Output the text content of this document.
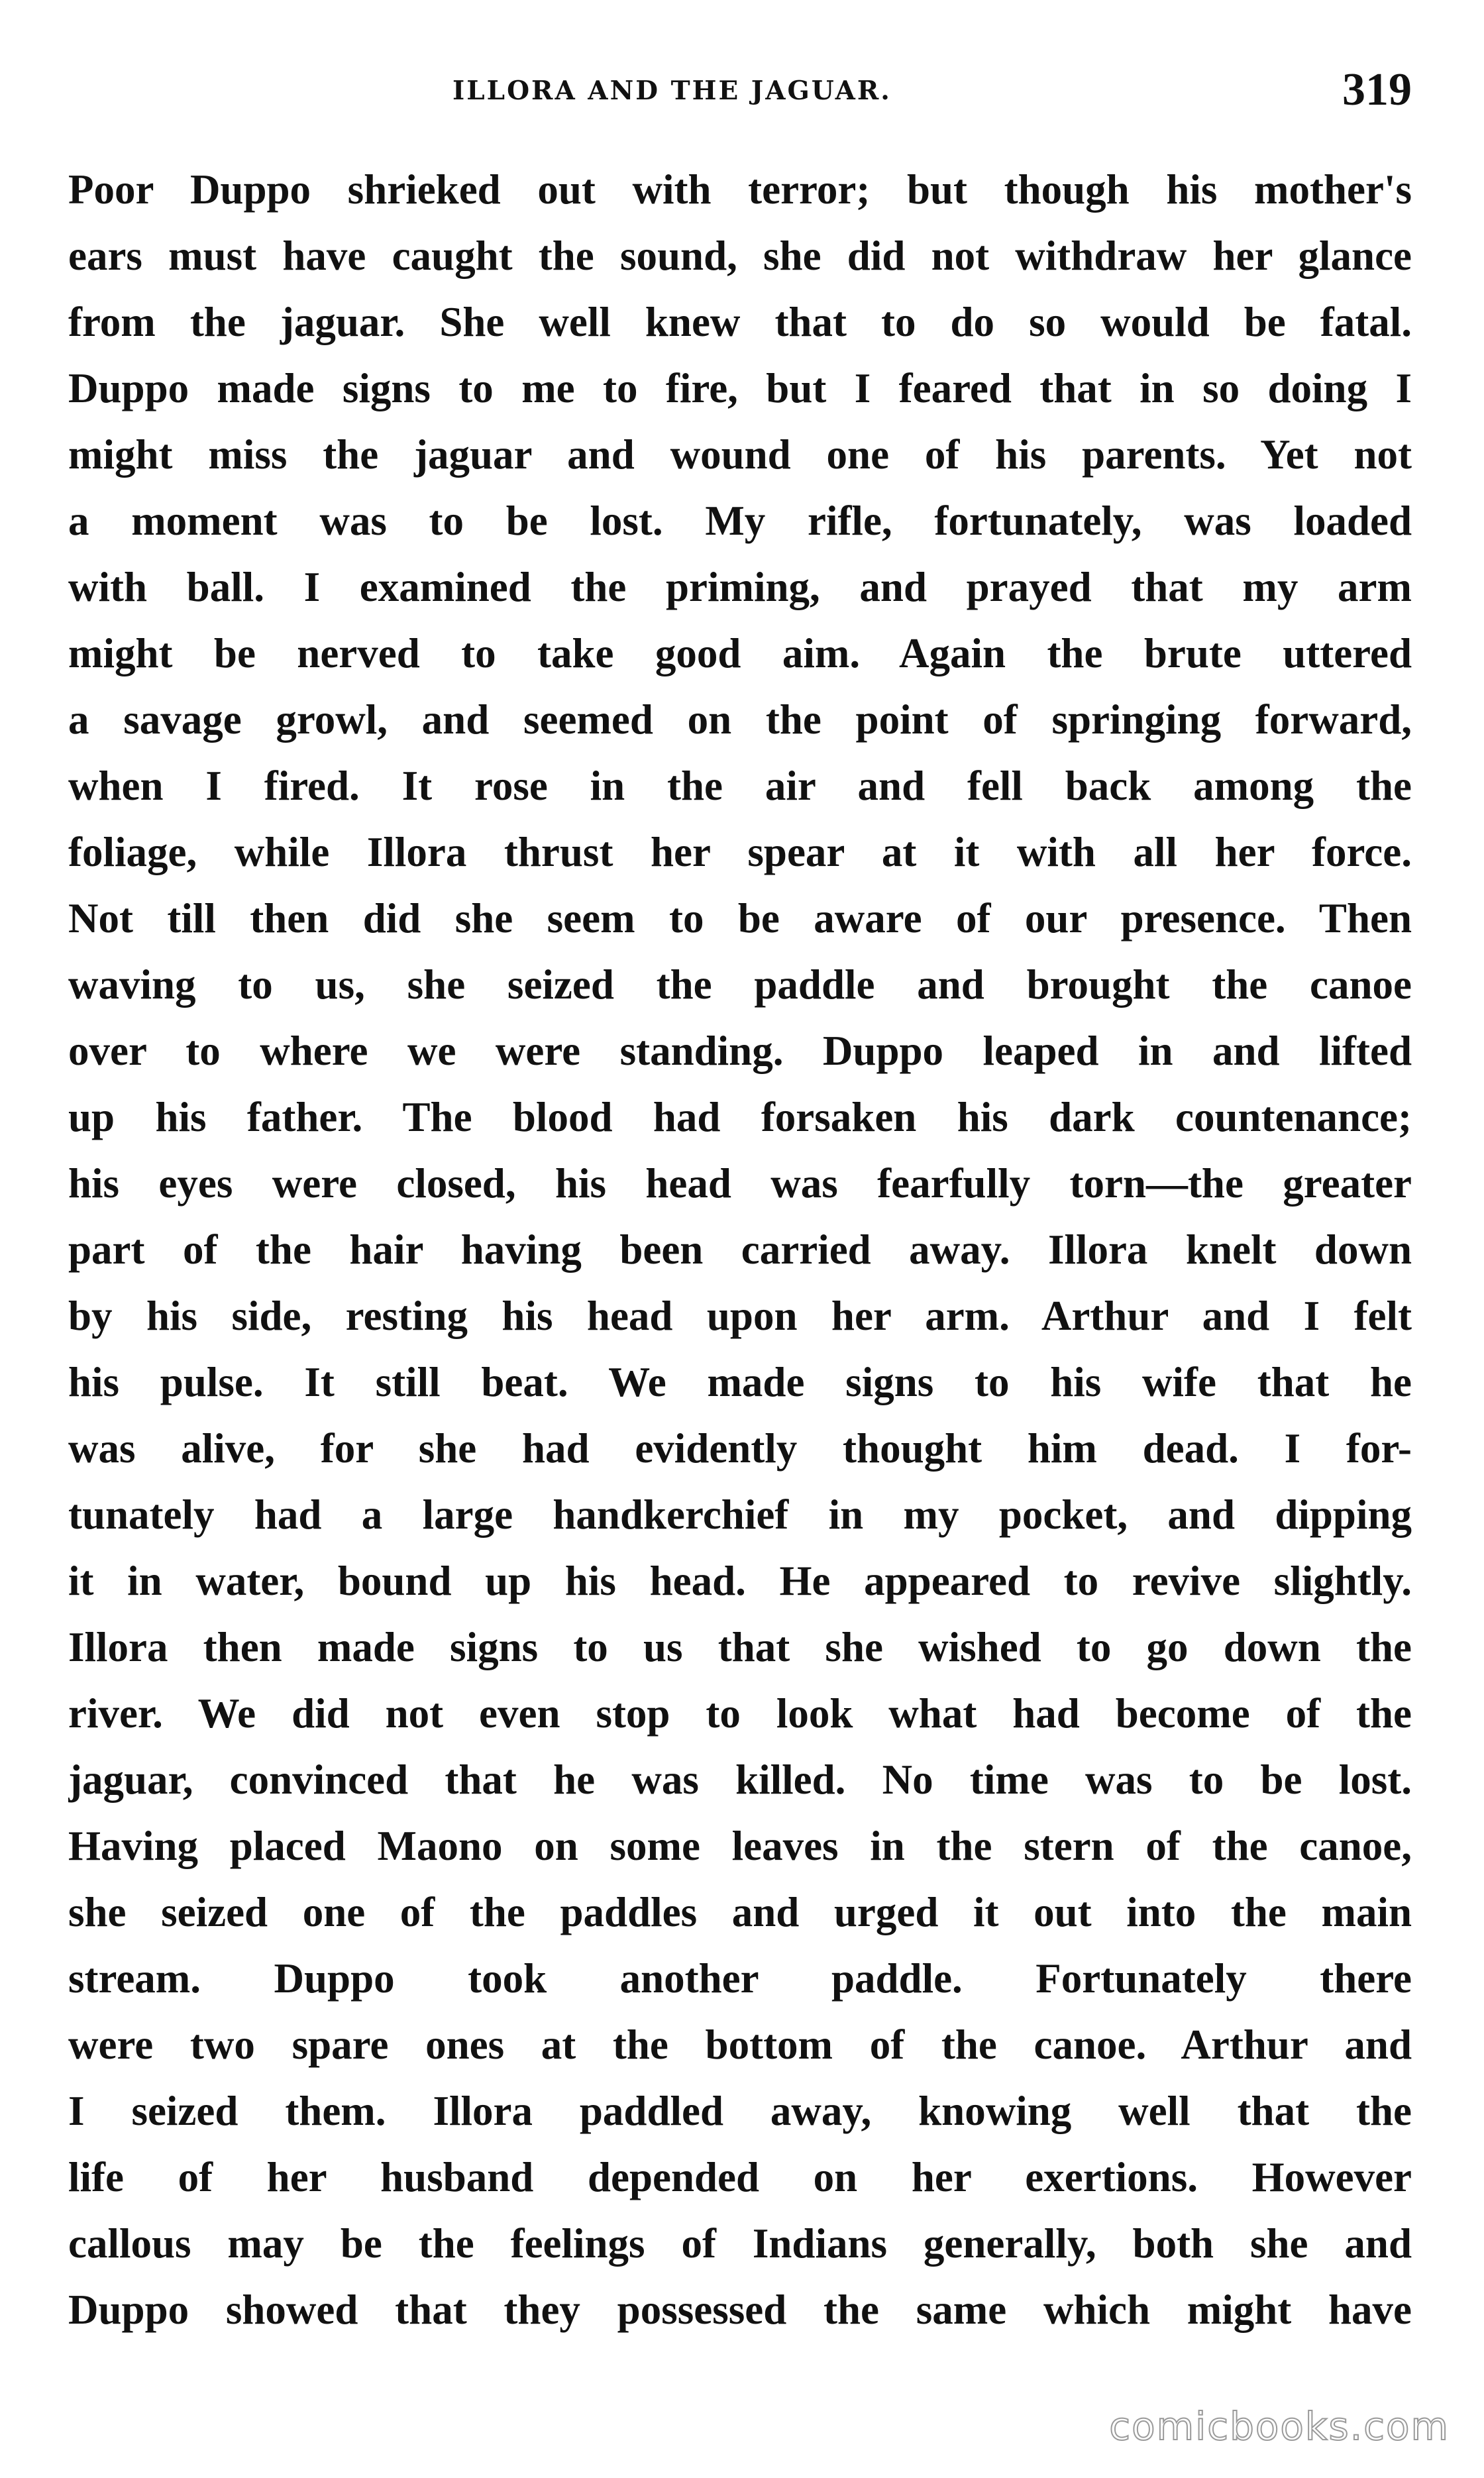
ILLORA AND THE JAGUAR.	319
Poor Duppo shrieked out with terror; but though his mother's
ears must have caught the sound, she did not withdraw her glance
from the jaguar. She well knew that to do so would be fatal.
Duppo made signs to me to fire, but I feared that in so doing I
might miss the jaguar and wound one of his parents. Yet not
a moment was to be lost. My rifle, fortunately, was loaded
with ball. I examined the priming, and prayed that my arm
might be nerved to take good aim. Again the brute uttered
a savage growl, and seemed on the point of springing forward,
when I fired. It rose in the air and fell back among the
foliage, while Illora thrust her spear at it with all her force.
Not till then did she seem to be aware of our presence. Then
waving to us, she seized the paddle and brought the canoe
over to where we were standing. Duppo leaped in and lifted
up his father. The blood had forsaken his dark countenance;
his eyes were closed, his head was fearfully torn—the greater
part of the hair having been carried away. Illora knelt down
by his side, resting his head upon her arm. Arthur and I felt
his pulse. It still beat. We made signs to his wife that he
was alive, for she had evidently thought him dead. I for-
tunately had a large handkerchief in my pocket, and dipping
it in water, bound up his head. He appeared to revive slightly.
Illora then made signs to us that she wished to go down the
river. We did not even stop to look what had become of the
jaguar, convinced that he was killed. No time was to be lost.
Having placed Maono on some leaves in the stern of the canoe,
she seized one of the paddles and urged it out into the main
stream. Duppo took another paddle. Fortunately there
were two spare ones at the bottom of the canoe. Arthur and
I seized them. Illora paddled away, knowing well that the
life of her husband depended on her exertions. However
callous may be the feelings of Indians generally, both she and
Duppo showed that they possessed the same which might have
comicbooks.com
